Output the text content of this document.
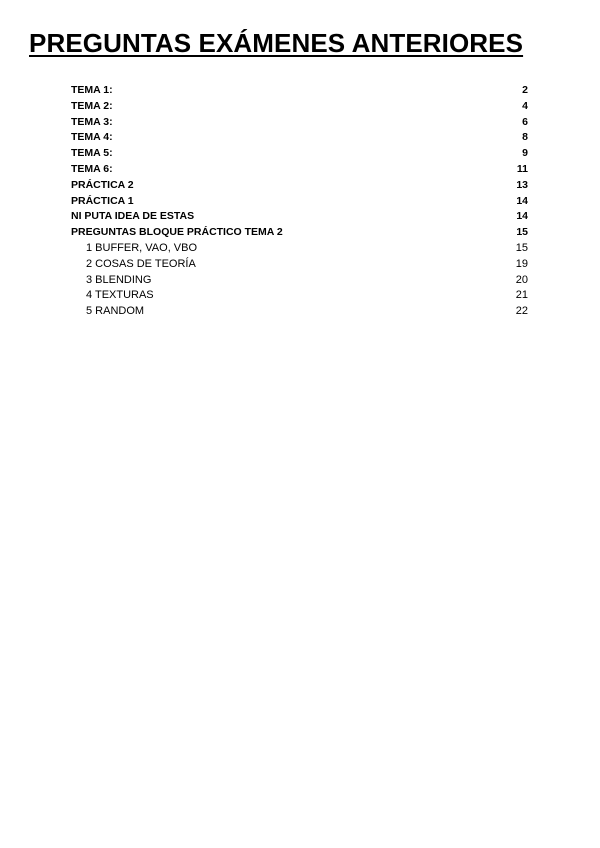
PREGUNTAS EXÁMENES ANTERIORES
TEMA 1:	2
TEMA 2:	4
TEMA 3:	6
TEMA 4:	8
TEMA 5:	9
TEMA 6:	11
PRÁCTICA 2	13
PRÁCTICA 1	14
NI PUTA IDEA DE ESTAS	14
PREGUNTAS BLOQUE PRÁCTICO TEMA 2	15
1 BUFFER, VAO, VBO	15
2 COSAS DE TEORÍA	19
3 BLENDING	20
4 TEXTURAS	21
5 RANDOM	22
